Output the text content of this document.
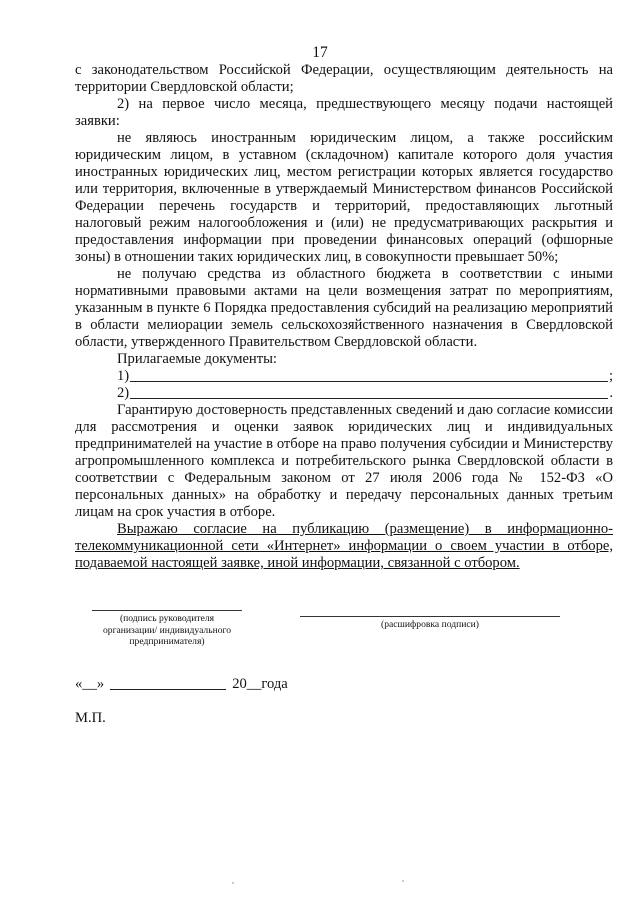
17

с законодательством Российской Федерации, осуществляющим деятельность на территории Свердловской области;

2) на первое число месяца, предшествующего месяцу подачи настоящей заявки:

не являюсь иностранным юридическим лицом, а также российским юридическим лицом, в уставном (складочном) капитале которого доля участия иностранных юридических лиц, местом регистрации которых является государство или территория, включенные в утверждаемый Министерством финансов Российской Федерации перечень государств и территорий, предоставляющих льготный налоговый режим налогообложения и (или) не предусматривающих раскрытия и предоставления информации при проведении финансовых операций (офшорные зоны) в отношении таких юридических лиц, в совокупности превышает 50%;

не получаю средства из областного бюджета в соответствии с иными нормативными правовыми актами на цели возмещения затрат по мероприятиям, указанным в пункте 6 Порядка предоставления субсидий на реализацию мероприятий в области мелиорации земель сельскохозяйственного назначения в Свердловской области, утвержденного Правительством Свердловской области.

Прилагаемые документы:

1)	;
2)	.

Гарантирую достоверность представленных сведений и даю согласие комиссии для рассмотрения и оценки заявок юридических лиц и индивидуальных предпринимателей на участие в отборе на право получения субсидии и Министерству агропромышленного комплекса и потребительского рынка Свердловской области в соответствии с Федеральным законом от 27 июля 2006 года № 152-ФЗ «О персональных данных» на обработку и передачу персональных данных третьим лицам на срок участия в отборе.

Выражаю согласие на публикацию (размещение) в информационно-телекоммуникационной сети «Интернет» информации о своем участии в отборе, подаваемой настоящей заявке, иной информации, связанной с отбором.

(подпись руководителя организации/ индивидуального предпринимателя)
(расшифровка подписи)
«__»	20__года
М.П.
